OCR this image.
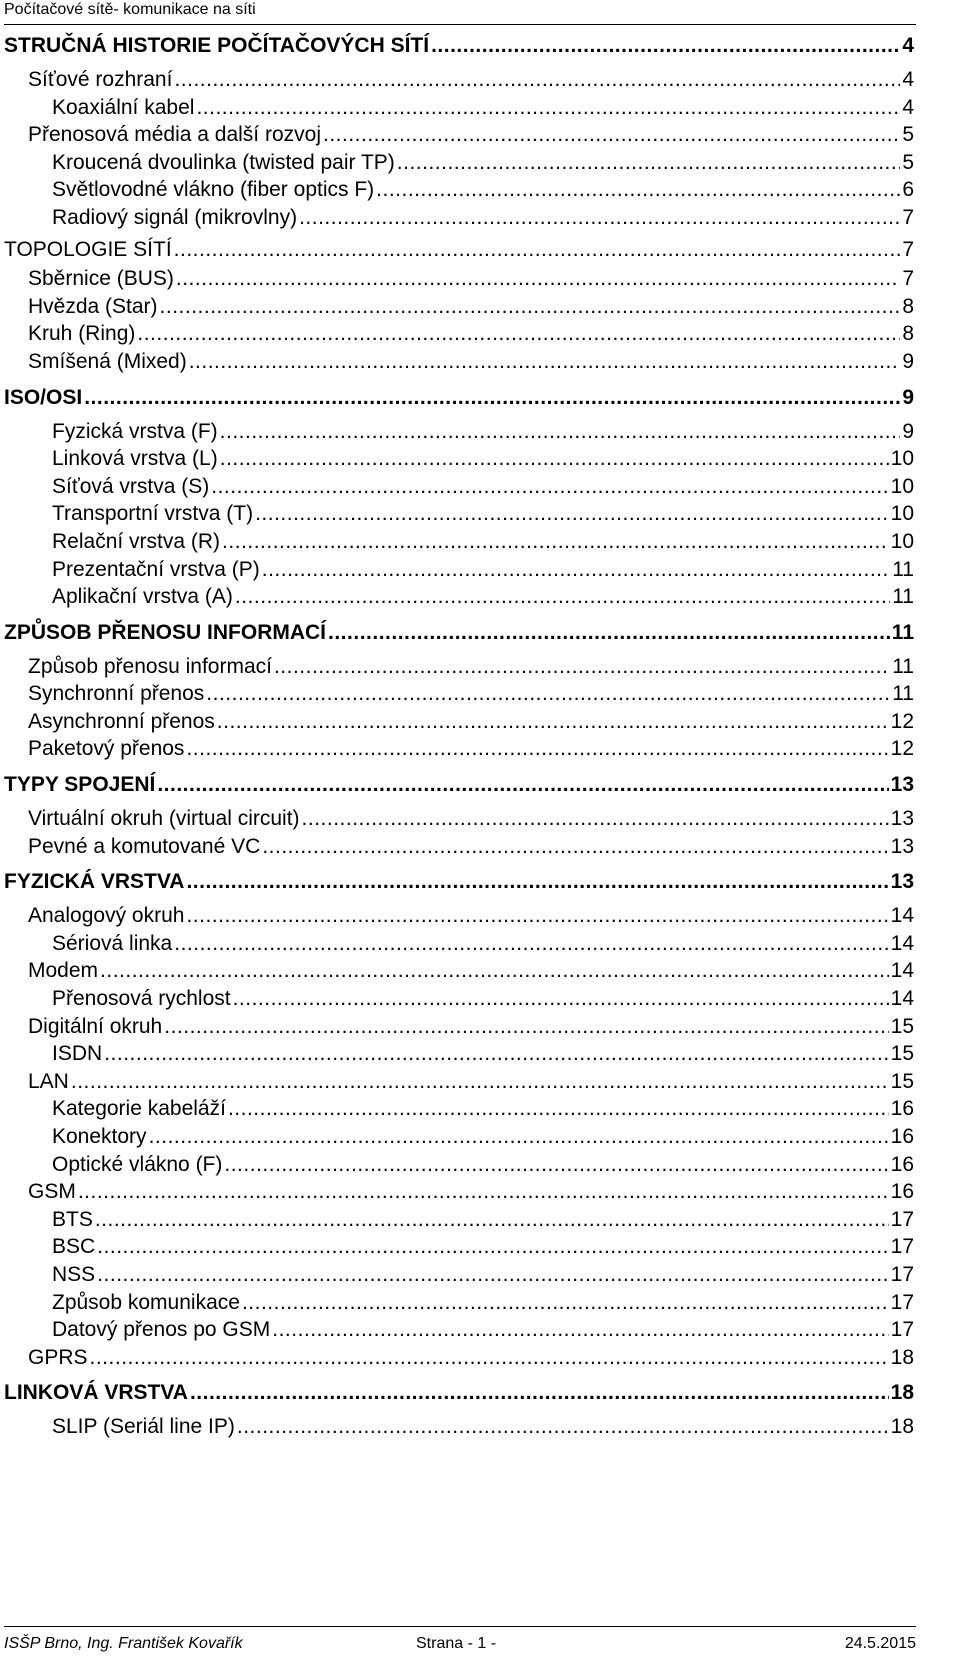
Počítačové sítě- komunikace na síti
STRUČNÁ HISTORIE POČÍTAČOVÝCH SÍTÍ .....	4
Síťové rozhraní .....	4
Koaxiální kabel .....	4
Přenosová média a další rozvoj .....	5
Kroucená dvoulinka (twisted pair TP) .....	5
Světlovodné vlákno (fiber optics F) .....	6
Radiový signál (mikrovlny) .....	7
TOPOLOGIE SÍTÍ .....	7
Sběrnice (BUS) .....	7
Hvězda (Star) .....	8
Kruh (Ring) .....	8
Smíšená (Mixed) .....	9
ISO/OSI .....	9
Fyzická vrstva (F) .....	9
Linková vrstva (L) .....	10
Síťová vrstva (S) .....	10
Transportní vrstva (T) .....	10
Relační vrstva (R) .....	10
Prezentační vrstva (P) .....	11
Aplikační vrstva (A) .....	11
ZPŮSOB PŘENOSU INFORMACÍ .....	11
Způsob přenosu informací .....	11
Synchronní přenos .....	11
Asynchronní přenos .....	12
Paketový přenos .....	12
TYPY SPOJENÍ .....	13
Virtuální okruh (virtual circuit) .....	13
Pevné a komutované VC .....	13
FYZICKÁ VRSTVA .....	13
Analogový okruh .....	14
Sériová linka .....	14
Modem .....	14
Přenosová rychlost .....	14
Digitální okruh .....	15
ISDN .....	15
LAN .....	15
Kategorie kabeláží .....	16
Konektory .....	16
Optické vlákno (F) .....	16
GSM .....	16
BTS .....	17
BSC .....	17
NSS .....	17
Způsob komunikace .....	17
Datový přenos po GSM .....	17
GPRS .....	18
LINKOVÁ VRSTVA .....	18
SLIP (Seriál line IP) .....	18
ISŠP Brno, Ing. František Kovařík	Strana - 1 -	24.5.2015
